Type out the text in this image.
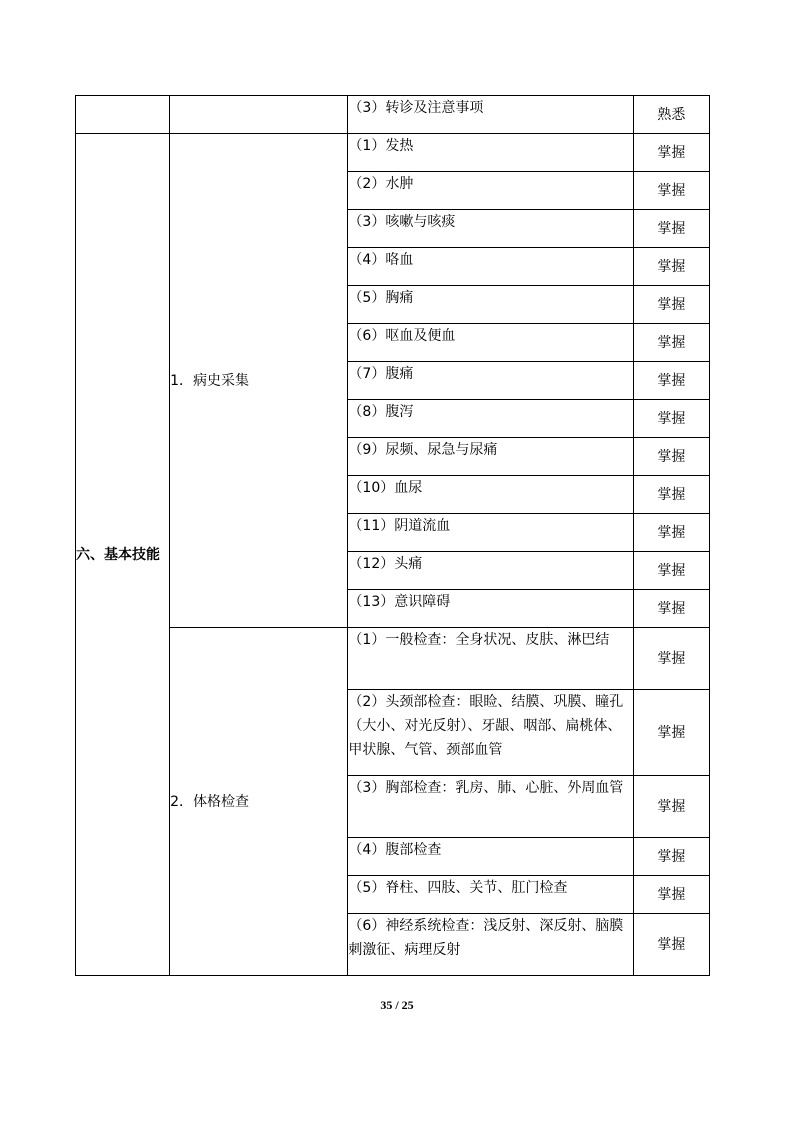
		（3）转诊及注意事项	熟悉
六、基本技能	1．病史采集	（1）发热	掌握
		（2）水肿	掌握
		（3）咳嗽与咳痰	掌握
		（4）咯血	掌握
		（5）胸痛	掌握
		（6）呕血及便血	掌握
		（7）腹痛	掌握
		（8）腹泻	掌握
		（9）尿频、尿急与尿痛	掌握
		（10）血尿	掌握
		（11）阴道流血	掌握
		（12）头痛	掌握
		（13）意识障碍	掌握
	2．体格检查	（1）一般检查：全身状况、皮肤、淋巴结	掌握
		（2）头颈部检查：眼睑、结膜、巩膜、瞳孔（大小、对光反射）、牙龈、咽部、扁桃体、甲状腺、气管、颈部血管	掌握
		（3）胸部检查：乳房、肺、心脏、外周血管	掌握
		（4）腹部检查	掌握
		（5）脊柱、四肢、关节、肛门检查	掌握
		（6）神经系统检查：浅反射、深反射、脑膜刺激征、病理反射	掌握
35 / 25
